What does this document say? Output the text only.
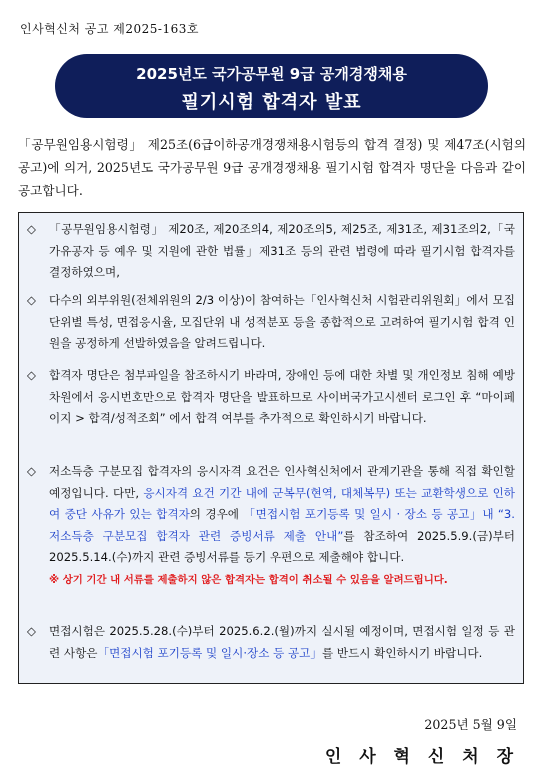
인사혁신처 공고 제2025-163호
2025년도 국가공무원 9급 공개경쟁채용
필기시험 합격자 발표
「공무원임용시험령」 제25조(6급이하공개경쟁채용시험등의 합격 결정) 및 제47조(시험의 공고)에 의거, 2025년도 국가공무원 9급 공개경쟁채용 필기시험 합격자 명단을 다음과 같이 공고합니다.
◇ 「공무원임용시험령」 제20조, 제20조의4, 제20조의5, 제25조, 제31조, 제31조의2,「국가유공자 등 예우 및 지원에 관한 법률」제31조 등의 관련 법령에 따라 필기시험 합격자를 결정하였으며,
◇ 다수의 외부위원(전체위원의 2/3 이상)이 참여하는「인사혁신처 시험관리위원회」에서 모집단위별 특성, 면접응시율, 모집단위 내 성적분포 등을 종합적으로 고려하여 필기시험 합격 인원을 공정하게 선발하였음을 알려드립니다.
◇ 합격자 명단은 첨부파일을 참조하시기 바라며, 장애인 등에 대한 차별 및 개인정보 침해 예방차원에서 응시번호만으로 합격자 명단을 발표하므로 사이버국가고시센터 로그인 후 “마이페이지 > 합격/성적조회” 에서 합격 여부를 추가적으로 확인하시기 바랍니다.
◇ 저소득층 구분모집 합격자의 응시자격 요건은 인사혁신처에서 관계기관을 통해 직접 확인할 예정입니다. 다만, 응시자격 요건 기간 내에 군복무(현역, 대체복무) 또는 교환학생으로 인하여 중단 사유가 있는 합격자의 경우에 「면접시험 포기등록 및 일시 · 장소 등 공고」내 “3. 저소득층 구분모집 합격자 관련 증빙서류 제출 안내”를 참조하여 2025.5.9.(금)부터 2025.5.14.(수)까지 관련 증빙서류를 등기 우편으로 제출해야 합니다.
※ 상기 기간 내 서류를 제출하지 않은 합격자는 합격이 취소될 수 있음을 알려드립니다.
◇ 면접시험은 2025.5.28.(수)부터 2025.6.2.(월)까지 실시될 예정이며, 면접시험 일정 등 관련 사항은「면접시험 포기등록 및 일시·장소 등 공고」를 반드시 확인하시기 바랍니다.
2025년 5월 9일
인 사 혁 신 처 장
